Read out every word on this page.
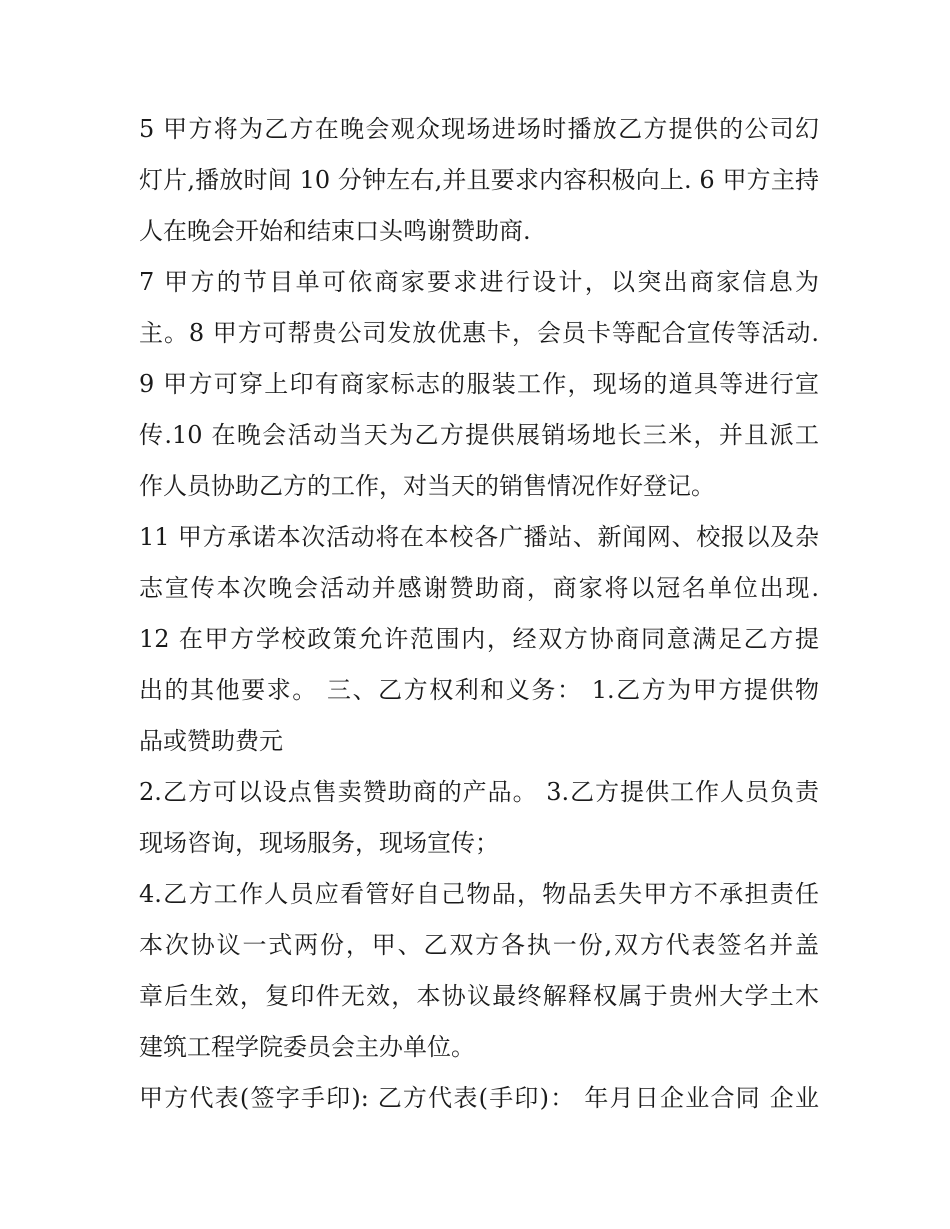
5 甲方将为乙方在晚会观众现场进场时播放乙方提供的公司幻
灯片,播放时间 10 分钟左右,并且要求内容积极向上. 6 甲方主持
人在晚会开始和结束口头鸣谢赞助商.
7 甲方的节目单可依商家要求进行设计，以突出商家信息为
主。8 甲方可帮贵公司发放优惠卡，会员卡等配合宣传等活动.
9 甲方可穿上印有商家标志的服装工作，现场的道具等进行宣
传.10 在晚会活动当天为乙方提供展销场地长三米，并且派工
作人员协助乙方的工作，对当天的销售情况作好登记。
11 甲方承诺本次活动将在本校各广播站、新闻网、校报以及杂
志宣传本次晚会活动并感谢赞助商，商家将以冠名单位出现.
12 在甲方学校政策允许范围内，经双方协商同意满足乙方提
出的其他要求。 三、乙方权利和义务： 1.乙方为甲方提供物
品或赞助费元
2.乙方可以设点售卖赞助商的产品。 3.乙方提供工作人员负责
现场咨询，现场服务，现场宣传；
4.乙方工作人员应看管好自己物品，物品丢失甲方不承担责任
本次协议一式两份，甲、乙双方各执一份,双方代表签名并盖
章后生效，复印件无效，本协议最终解释权属于贵州大学土木
建筑工程学院委员会主办单位。
甲方代表(签字手印): 乙方代表(手印)： 年月日企业合同 企业
